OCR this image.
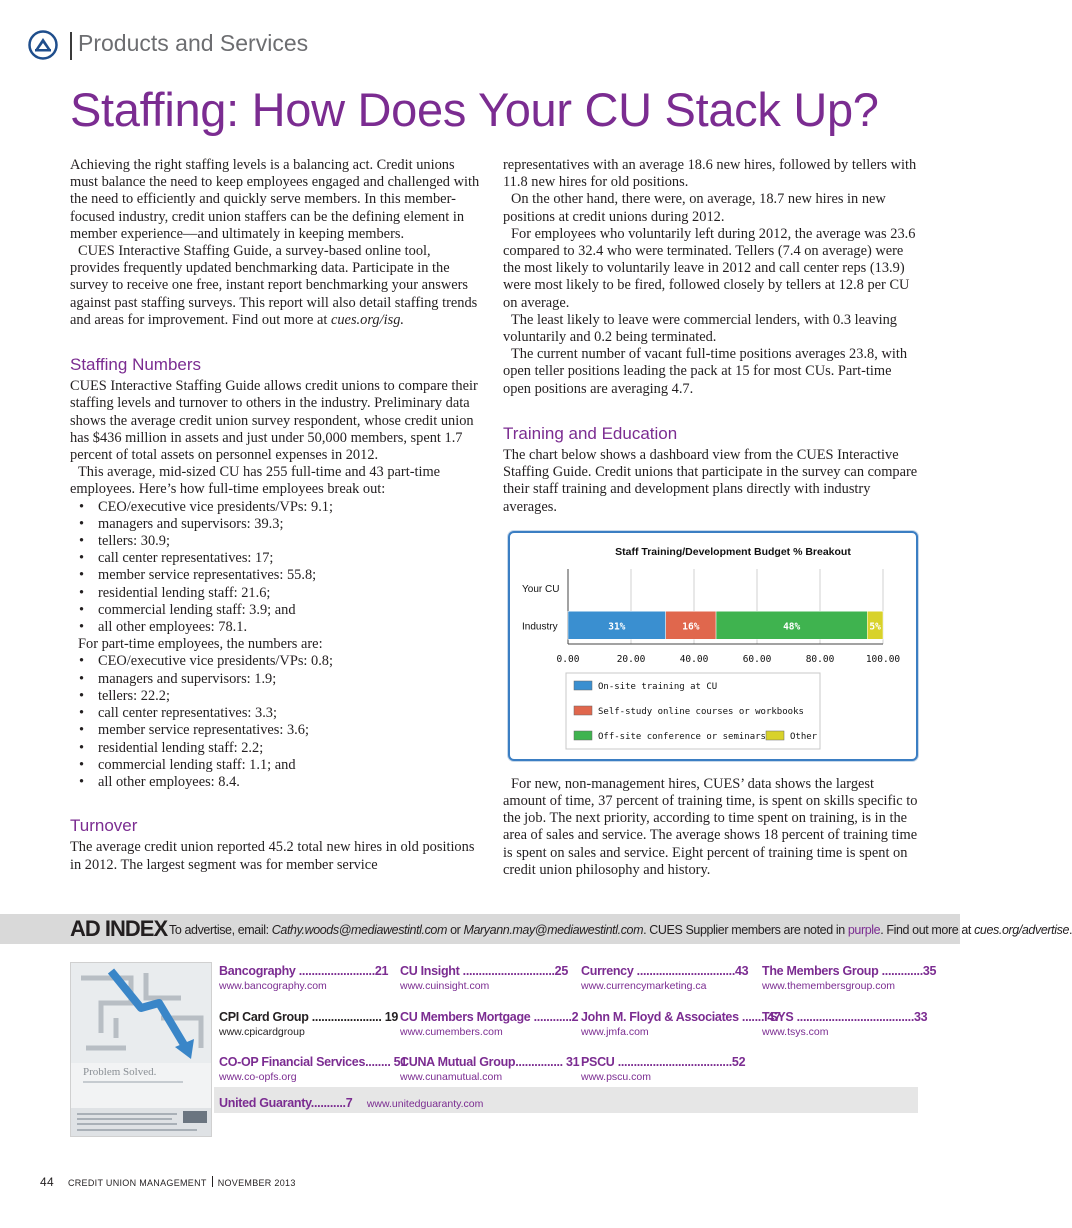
Products and Services
Staffing: How Does Your CU Stack Up?

Achieving the right staffing levels is a balancing act. Credit unions must balance the need to keep employees engaged and challenged with the need to efficiently and quickly serve members. In this member-focused industry, credit union staffers can be the defining element in member experience—and ultimately in keeping members.

CUES Interactive Staffing Guide, a survey-based online tool, provides frequently updated benchmarking data. Participate in the survey to receive one free, instant report benchmarking your answers against past staffing surveys. This report will also detail staffing trends and areas for improvement. Find out more at cues.org/isg.

Staffing Numbers

CUES Interactive Staffing Guide allows credit unions to compare their staffing levels and turnover to others in the industry. Preliminary data shows the average credit union survey respondent, whose credit union has $436 million in assets and just under 50,000 members, spent 1.7 percent of total assets on personnel expenses in 2012.

This average, mid-sized CU has 255 full-time and 43 part-time employees. Here’s how full-time employees break out:

• CEO/executive vice presidents/VPs: 9.1;
• managers and supervisors: 39.3;
• tellers: 30.9;
• call center representatives: 17;
• member service representatives: 55.8;
• residential lending staff: 21.6;
• commercial lending staff: 3.9; and
• all other employees: 78.1.

For part-time employees, the numbers are:

• CEO/executive vice presidents/VPs: 0.8;
• managers and supervisors: 1.9;
• tellers: 22.2;
• call center representatives: 3.3;
• member service representatives: 3.6;
• residential lending staff: 2.2;
• commercial lending staff: 1.1; and
• all other employees: 8.4.
Turnover

The average credit union reported 45.2 total new hires in old positions in 2012. The largest segment was for member service

representatives with an average 18.6 new hires, followed by tellers with 11.8 new hires for old positions.

On the other hand, there were, on average, 18.7 new hires in new positions at credit unions during 2012.

For employees who voluntarily left during 2012, the average was 23.6 compared to 32.4 who were terminated. Tellers (7.4 on average) were the most likely to voluntarily leave in 2012 and call center reps (13.9) were most likely to be fired, followed closely by tellers at 12.8 per CU on average.

The least likely to leave were commercial lenders, with 0.3 leaving voluntarily and 0.2 being terminated.

The current number of vacant full-time positions averages 23.8, with open teller positions leading the pack at 15 for most CUs. Part-time open positions are averaging 4.7.

Training and Education

The chart below shows a dashboard view from the CUES Interactive Staffing Guide. Credit unions that participate in the survey can compare their staff training and development plans directly with industry averages.

For new, non-management hires, CUES’ data shows the largest amount of time, 37 percent of training time, is spent on skills specific to the job. The next priority, according to time spent on training, is in the area of sales and service. The average shows 18 percent of training time is spent on sales and service. Eight percent of training time is spent on credit union philosophy and history.

Staff Training/Development Budget % Breakout
0.00	20.00	40.00	60.00	80.00	100.00
Your CU
Industry	31%	16%	48%	5%
On-site training at CU
Self-study online courses or workbooks
Off-site conference or seminars	Other
AD INDEX To advertise, email: Cathy.woods@mediawestintl.com or Maryann.may@mediawestintl.com. CUES Supplier members are noted in purple. Find out more at cues.org/advertise.
Problem Solved.
Bancography ........................21
www.bancography.com
CU Insight .............................25
www.cuinsight.com
Currency ...............................43
www.currencymarketing.ca
The Members Group .............35
www.themembersgroup.com
CPI Card Group ...................... 19
www.cpicardgroup
CU Members Mortgage ............2
www.cumembers.com
John M. Floyd & Associates ....... 47
www.jmfa.com
TSYS .....................................33
www.tsys.com
CO-OP Financial Services........ 51
www.co-opfs.org
CUNA Mutual Group............... 31
www.cunamutual.com
PSCU ....................................52
www.pscu.com
United Guaranty...........7 www.unitedguaranty.com
44 CREDIT UNION MANAGEMENT NOVEMBER 2013
